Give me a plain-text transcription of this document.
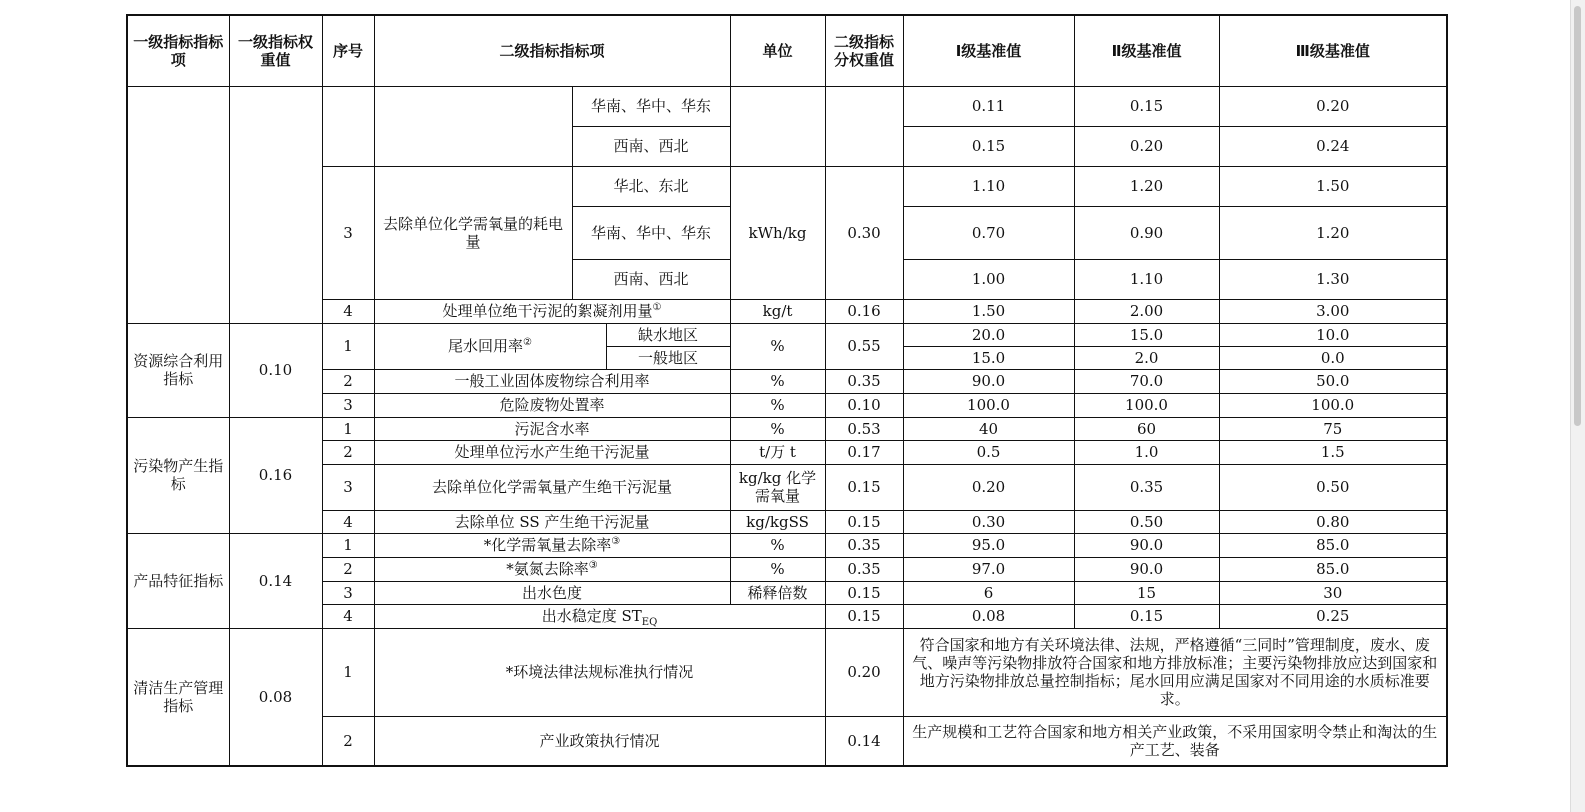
一级指标指标项	一级指标权重值	序号	二级指标指标项			单位	二级指标分权重值	Ⅰ级基准值	Ⅱ级基准值	Ⅲ级基准值
				华南、华中、华东				0.11	0.15	0.20
				西南、西北				0.15	0.20	0.24
		3	去除单位化学需氧量的耗电量	华北、东北		kWh/kg	0.30	1.10	1.20	1.50
				华南、华中、华东				0.70	0.90	1.20
				西南、西北				1.00	1.10	1.30
		4	处理单位绝干污泥的絮凝剂用量①			kg/t	0.16	1.50	2.00	3.00
资源综合利用指标	0.10	1	尾水回用率②		缺水地区	%	0.55	20.0	15.0	10.0
					一般地区			15.0	2.0	0.0
		2	一般工业固体废物综合利用率			%	0.35	90.0	70.0	50.0
		3	危险废物处置率			%	0.10	100.0	100.0	100.0
污染物产生指标	0.16	1	污泥含水率			%	0.53	40	60	75
		2	处理单位污水产生绝干污泥量			t/万 t	0.17	0.5	1.0	1.5
		3	去除单位化学需氧量产生绝干污泥量			kg/kg 化学需氧量	0.15	0.20	0.35	0.50
		4	去除单位 SS 产生绝干污泥量			kg/kgSS	0.15	0.30	0.50	0.80
产品特征指标	0.14	1	*化学需氧量去除率③			%	0.35	95.0	90.0	85.0
		2	*氨氮去除率③			%	0.35	97.0	90.0	85.0
		3	出水色度			稀释倍数	0.15	6	15	30
		4	出水稳定度 $ST_{EQ}$				0.15	0.08	0.15	0.25
清洁生产管理指标	0.08	1	*环境法律法规标准执行情况				0.20	符合国家和地方有关环境法律、法规，严格遵循“三同时”管理制度，废水、废气、噪声等污染物排放符合国家和地方排放标准；主要污染物排放应达到国家和地方污染物排放总量控制指标；尾水回用应满足国家对不同用途的水质标准要求。		
		2	产业政策执行情况				0.14	生产规模和工艺符合国家和地方相关产业政策，不采用国家明令禁止和淘汰的生产工艺、装备		
